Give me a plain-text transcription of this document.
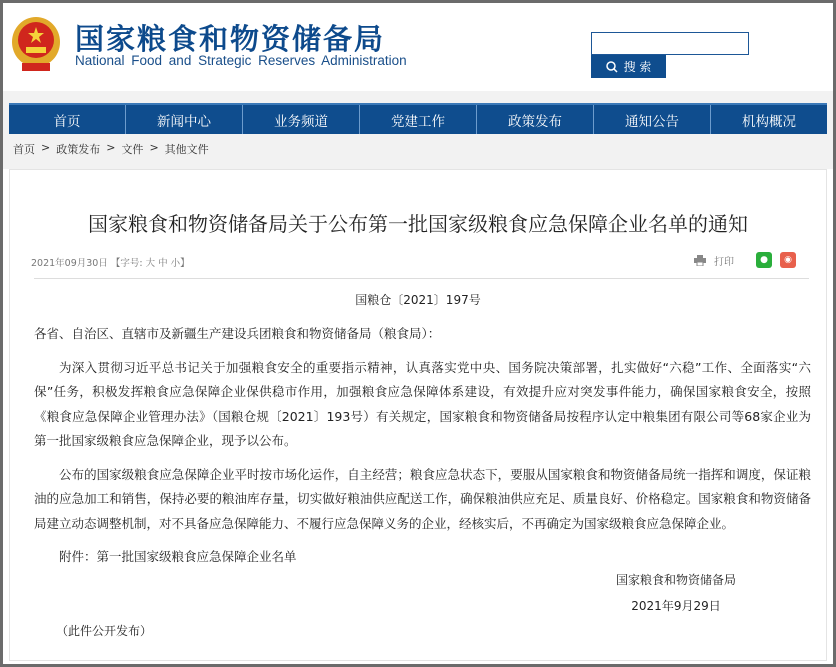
国家粮食和物资储备局
National Food and Strategic Reserves Administration	搜 索
首页	新闻中心	业务频道	党建工作	政策发布	通知公告	机构概况
首页 > 政策发布 > 文件 > 其他文件
国家粮食和物资储备局关于公布第一批国家级粮食应急保障企业名单的通知
2021年09月30日 【字号: 大 中 小】	打印	●	◉
国粮仓〔2021〕197号

各省、自治区、直辖市及新疆生产建设兵团粮食和物资储备局（粮食局）：

为深入贯彻习近平总书记关于加强粮食安全的重要指示精神，认真落实党中央、国务院决策部署，扎实做好“六稳”工作、全面落实“六保”任务，积极发挥粮食应急保障企业保供稳市作用，加强粮食应急保障体系建设，有效提升应对突发事件能力，确保国家粮食安全，按照《粮食应急保障企业管理办法》（国粮仓规〔2021〕193号）有关规定，国家粮食和物资储备局按程序认定中粮集团有限公司等68家企业为第一批国家级粮食应急保障企业，现予以公布。

公布的国家级粮食应急保障企业平时按市场化运作，自主经营；粮食应急状态下，要服从国家粮食和物资储备局统一指挥和调度，保证粮油的应急加工和销售，保持必要的粮油库存量，切实做好粮油供应配送工作，确保粮油供应充足、质量良好、价格稳定。国家粮食和物资储备局建立动态调整机制，对不具备应急保障能力、不履行应急保障义务的企业，经核实后，不再确定为国家级粮食应急保障企业。

附件：第一批国家级粮食应急保障企业名单

国家粮食和物资储备局
2021年9月29日
（此件公开发布）
